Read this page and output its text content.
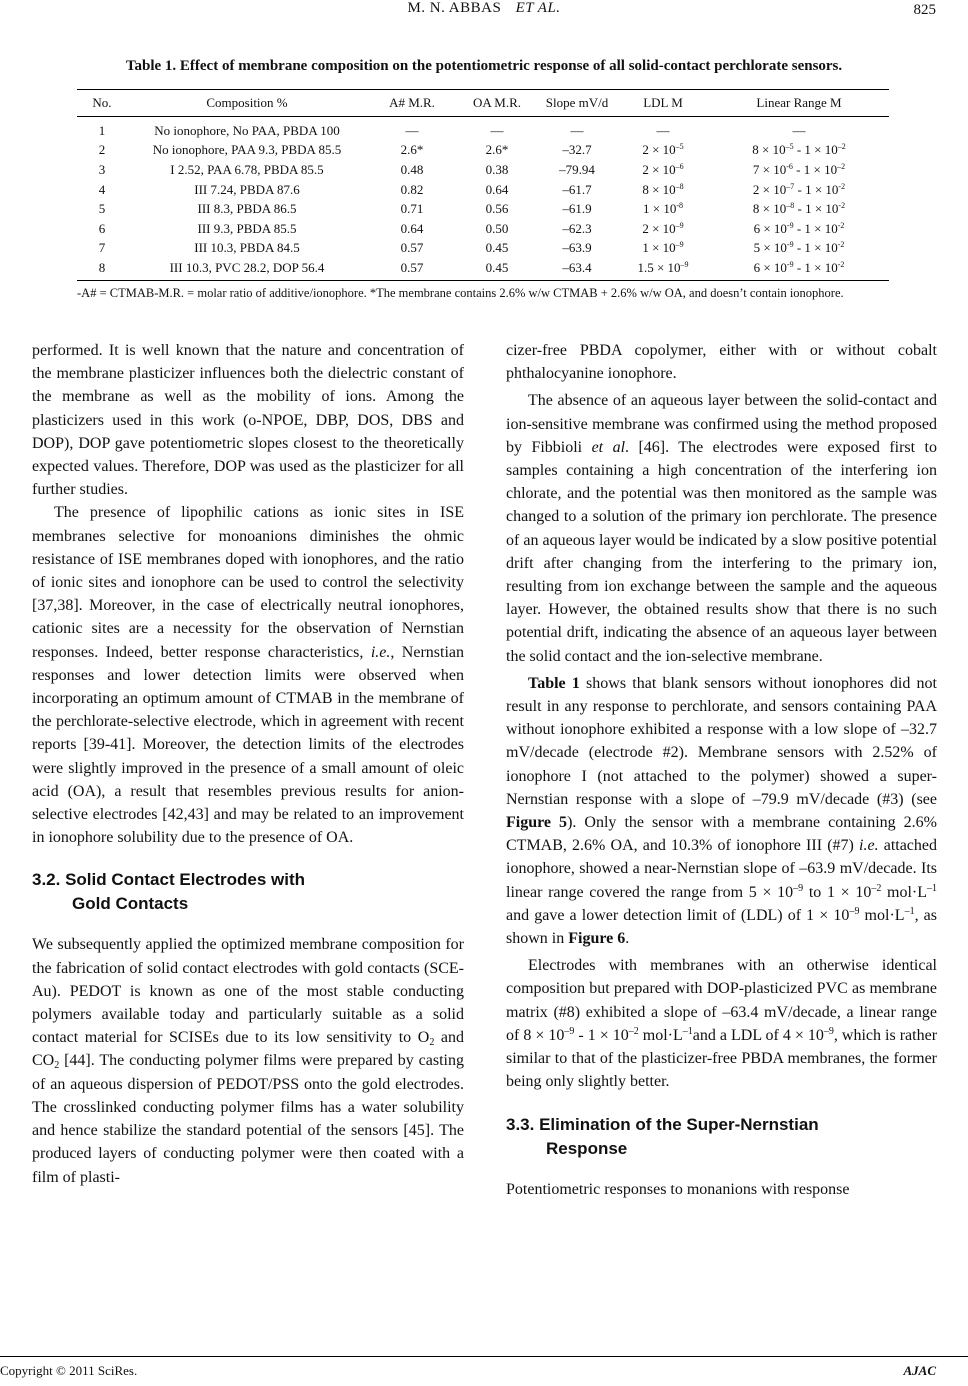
M. N. ABBAS ET AL.	825
Table 1. Effect of membrane composition on the potentiometric response of all solid-contact perchlorate sensors.
No.	Composition %	A# M.R.	OA M.R.	Slope mV/d	LDL M	Linear Range M
1	No ionophore, No PAA, PBDA 100	—	—	—	—	—
2	No ionophore, PAA 9.3, PBDA 85.5	2.6*	2.6*	–32.7	$2 \times 10^{-5}$	$8 \times 10^{-5} - 1 \times 10^{-2}$
3	I 2.52, PAA 6.78, PBDA 85.5	0.48	0.38	–79.94	$2 \times 10^{-6}$	$7 \times 10^{-6} - 1 \times 10^{-2}$
4	III 7.24, PBDA 87.6	0.82	0.64	–61.7	$8 \times 10^{-8}$	$2 \times 10^{-7} - 1 \times 10^{-2}$
5	III 8.3, PBDA 86.5	0.71	0.56	–61.9	$1 \times 10^{-8}$	$8 \times 10^{-8} - 1 \times 10^{-2}$
6	III 9.3, PBDA 85.5	0.64	0.50	–62.3	$2 \times 10^{-9}$	$6 \times 10^{-9} - 1 \times 10^{-2}$
7	III 10.3, PBDA 84.5	0.57	0.45	–63.9	$1 \times 10^{-9}$	$5 \times 10^{-9} - 1 \times 10^{-2}$
8	III 10.3, PVC 28.2, DOP 56.4	0.57	0.45	–63.4	$1.5 \times 10^{-9}$	$6 \times 10^{-9} - 1 \times 10^{-2}$
-A# = CTMAB-M.R. = molar ratio of additive/ionophore. *The membrane contains 2.6% w/w CTMAB + 2.6% w/w OA, and doesn’t contain ionophore.

performed. It is well known that the nature and concentration of the membrane plasticizer influences both the dielectric constant of the membrane as well as the mobility of ions. Among the plasticizers used in this work (o-NPOE, DBP, DOS, DBS and DOP), DOP gave potentiometric slopes closest to the theoretically expected values. Therefore, DOP was used as the plasticizer for all further studies.

The presence of lipophilic cations as ionic sites in ISE membranes selective for monoanions diminishes the ohmic resistance of ISE membranes doped with ionophores, and the ratio of ionic sites and ionophore can be used to control the selectivity [37,38]. Moreover, in the case of electrically neutral ionophores, cationic sites are a necessity for the observation of Nernstian responses. Indeed, better response characteristics, i.e., Nernstian responses and lower detection limits were observed when incorporating an optimum amount of CTMAB in the membrane of the perchlorate-selective electrode, which in agreement with recent reports [39-41]. Moreover, the detection limits of the electrodes were slightly improved in the presence of a small amount of oleic acid (OA), a result that resembles previous results for anion-selective electrodes [42,43] and may be related to an improvement in ionophore solubility due to the presence of OA.

3.2. Solid Contact Electrodes with
Gold Contacts

We subsequently applied the optimized membrane composition for the fabrication of solid contact electrodes with gold contacts (SCE-Au). PEDOT is known as one of the most stable conducting polymers available today and particularly suitable as a solid contact material for SCISEs due to its low sensitivity to $O_2$ and $CO_2$ [44]. The conducting polymer films were prepared by casting of an aqueous dispersion of PEDOT/PSS onto the gold electrodes. The crosslinked conducting polymer films has a water solubility and hence stabilize the standard potential of the sensors [45]. The produced layers of conducting polymer were then coated with a film of plasti-

cizer-free PBDA copolymer, either with or without cobalt phthalocyanine ionophore.

The absence of an aqueous layer between the solid-contact and ion-sensitive membrane was confirmed using the method proposed by Fibbioli et al. [46]. The electrodes were exposed first to samples containing a high concentration of the interfering ion chlorate, and the potential was then monitored as the sample was changed to a solution of the primary ion perchlorate. The presence of an aqueous layer would be indicated by a slow positive potential drift after changing from the interfering to the primary ion, resulting from ion exchange between the sample and the aqueous layer. However, the obtained results show that there is no such potential drift, indicating the absence of an aqueous layer between the solid contact and the ion-selective membrane.

Table 1 shows that blank sensors without ionophores did not result in any response to perchlorate, and sensors containing PAA without ionophore exhibited a response with a low slope of –32.7 mV/decade (electrode #2). Membrane sensors with 2.52% of ionophore I (not attached to the polymer) showed a super-Nernstian response with a slope of –79.9 mV/decade (#3) (see Figure 5). Only the sensor with a membrane containing 2.6% CTMAB, 2.6% OA, and 10.3% of ionophore III (#7) i.e. attached ionophore, showed a near-Nernstian slope of –63.9 mV/decade. Its linear range covered the range from $5 \times 10^{-9}$ to $1 \times 10^{-2}$ $mol\cdot L^{-1}$ and gave a lower detection limit of (LDL) of $1 \times 10^{-9}$ $mol\cdot L^{-1}$, as shown in Figure 6.

Electrodes with membranes with an otherwise identical composition but prepared with DOP-plasticized PVC as membrane matrix (#8) exhibited a slope of –63.4 mV/decade, a linear range of $8 \times 10^{-9} - 1 \times 10^{-2}$ $mol\cdot L^{-1}and$ a LDL of $4 \times 10^{-9}$, which is rather similar to that of the plasticizer-free PBDA membranes, the former being only slightly better.

3.3. Elimination of the Super-Nernstian
Response

Potentiometric responses to monanions with response

Copyright © 2011 SciRes.	AJAC
